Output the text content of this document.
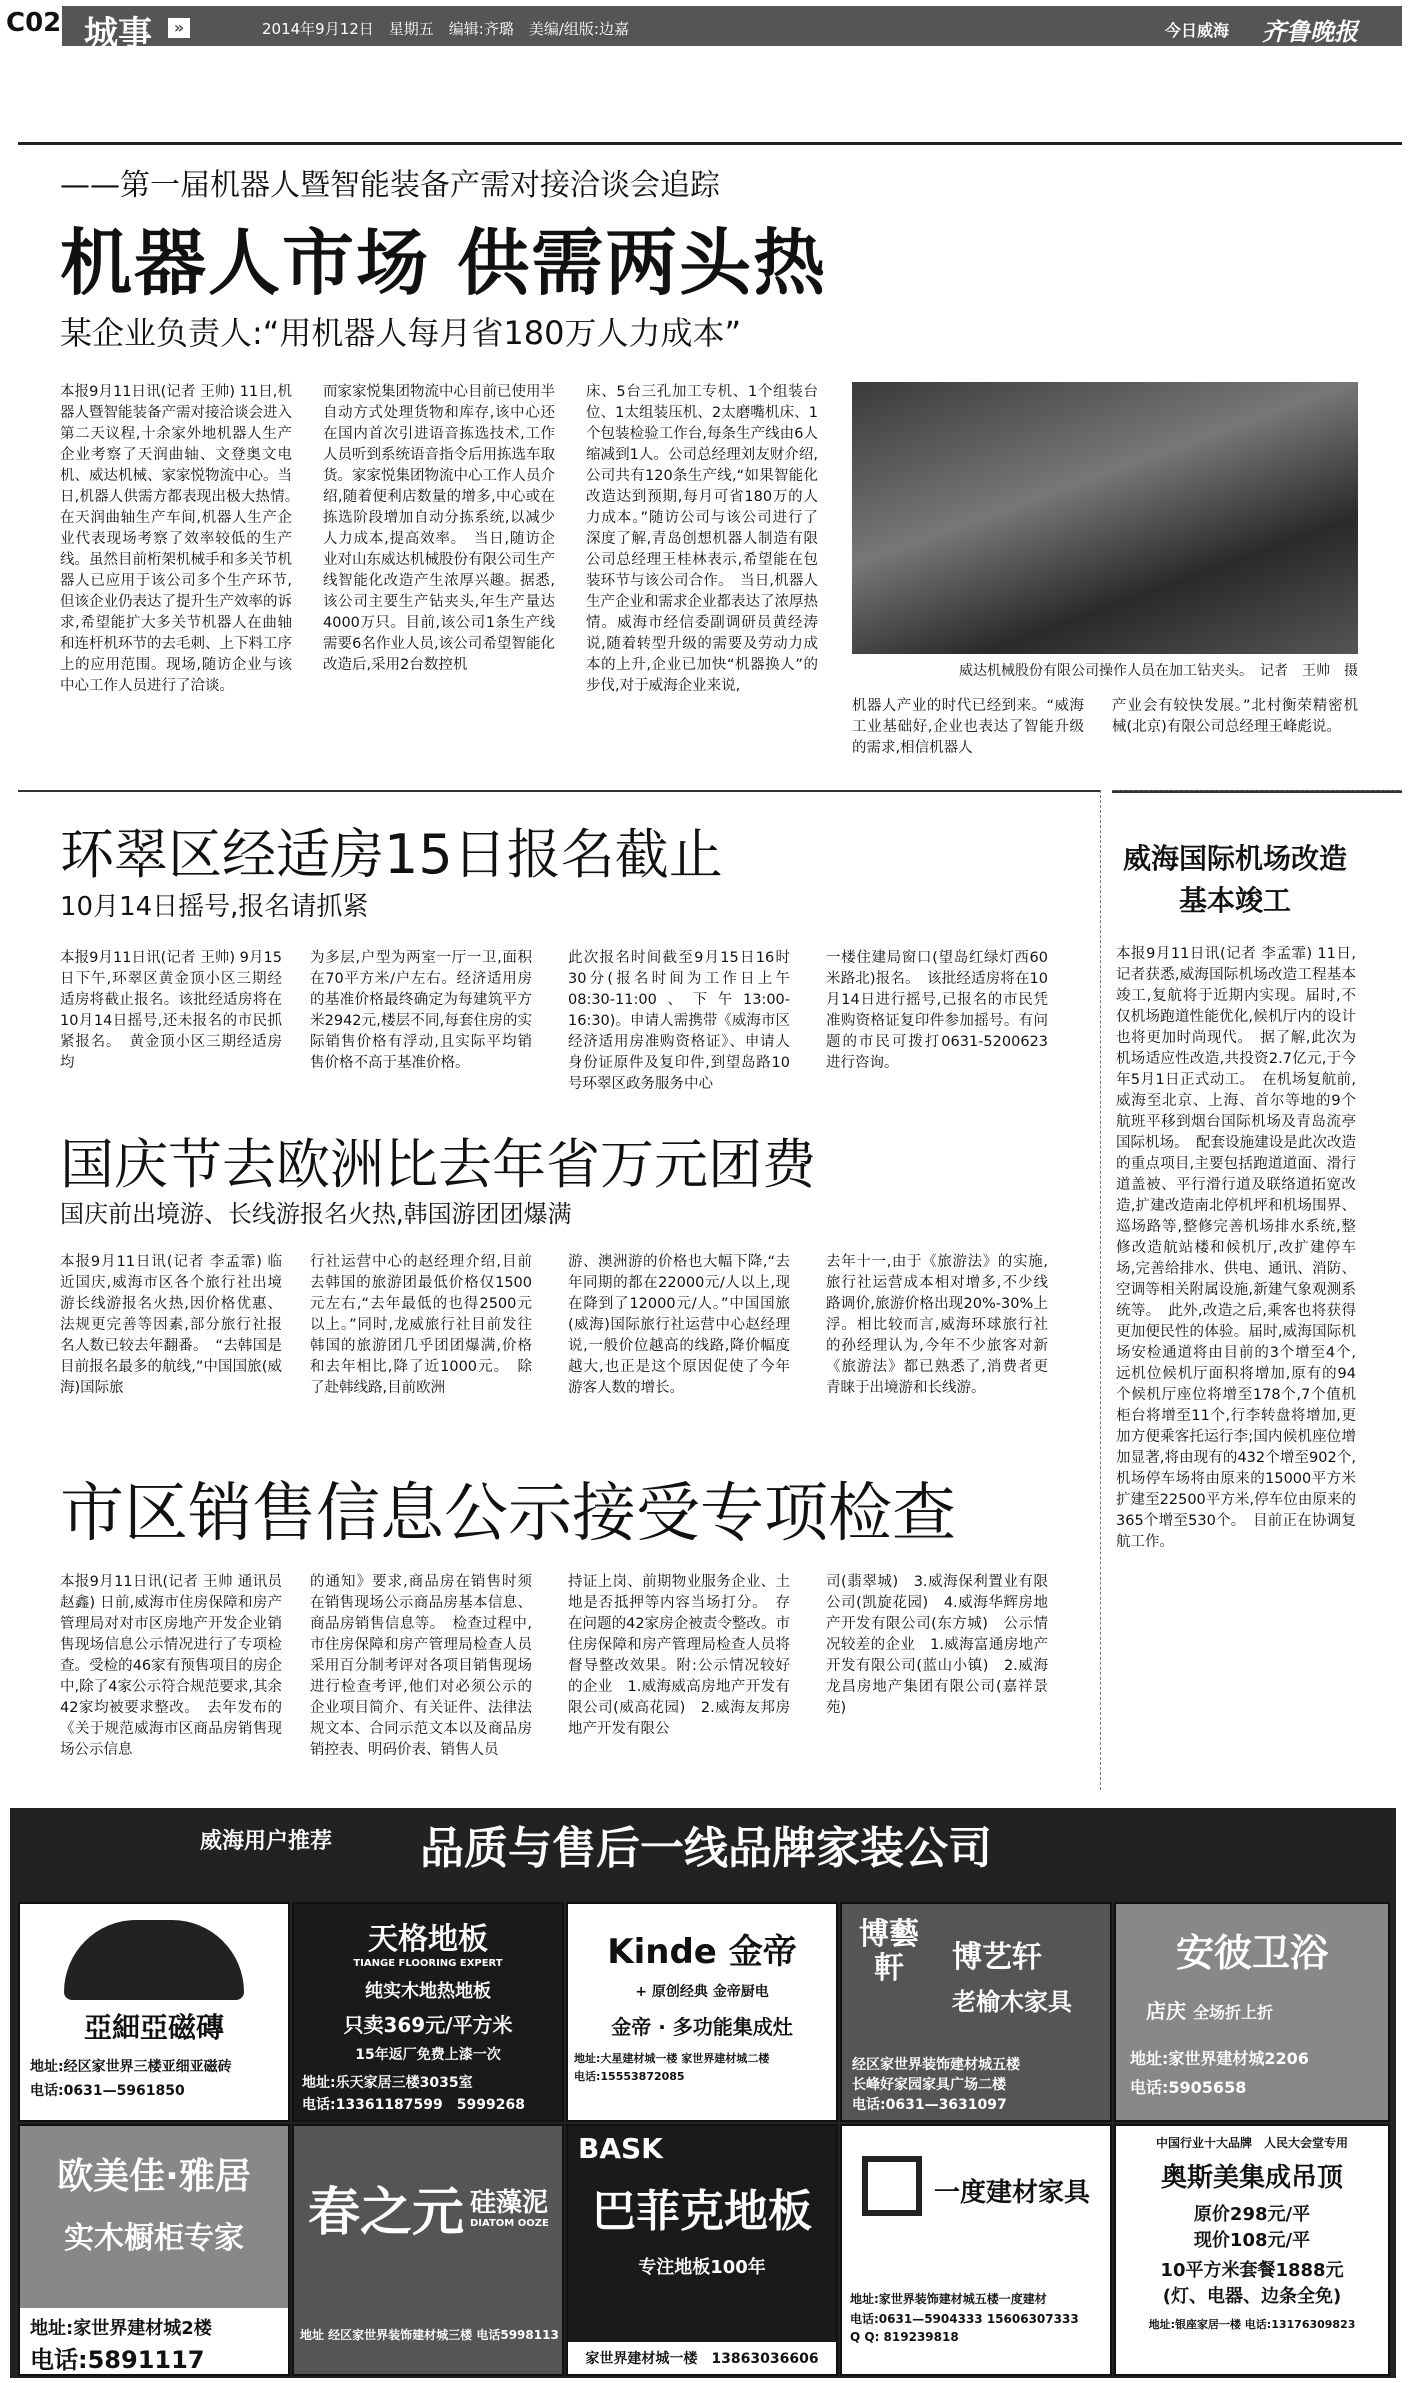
C02 城事	»	2014年9月12日　星期五　编辑:齐璐　美编/组版:边嘉	今日威海 齐鲁晚报
——第一届机器人暨智能装备产需对接洽谈会追踪
机器人市场 供需两头热
某企业负责人:“用机器人每月省180万人力成本”
本报9月11日讯(记者 王帅) 11日,机器人暨智能装备产需对接洽谈会进入第二天议程,十余家外地机器人生产企业考察了天润曲轴、文登奥文电机、威达机械、家家悦物流中心。当日,机器人供需方都表现出极大热情。　在天润曲轴生产车间,机器人生产企业代表现场考察了效率较低的生产线。虽然目前桁架机械手和多关节机器人已应用于该公司多个生产环节,但该企业仍表达了提升生产效率的诉求,希望能扩大多关节机器人在曲轴和连杆机环节的去毛刺、上下料工序上的应用范围。现场,随访企业与该中心工作人员进行了洽谈。
而家家悦集团物流中心目前已使用半自动方式处理货物和库存,该中心还在国内首次引进语音拣选技术,工作人员听到系统语音指令后用拣选车取货。家家悦集团物流中心工作人员介绍,随着便利店数量的增多,中心或在拣选阶段增加自动分拣系统,以减少人力成本,提高效率。　当日,随访企业对山东威达机械股份有限公司生产线智能化改造产生浓厚兴趣。据悉,该公司主要生产钻夹头,年生产量达4000万只。目前,该公司1条生产线需要6名作业人员,该公司希望智能化改造后,采用2台数控机
床、5台三孔加工专机、1个组装台位、1太组装压机、2太磨嘴机床、1个包装检验工作台,每条生产线由6人缩减到1人。公司总经理刘友财介绍,公司共有120条生产线,“如果智能化改造达到预期,每月可省180万的人力成本。”随访公司与该公司进行了深度了解,青岛创想机器人制造有限公司总经理王桂林表示,希望能在包装环节与该公司合作。　当日,机器人生产企业和需求企业都表达了浓厚热情。威海市经信委副调研员黄经涛说,随着转型升级的需要及劳动力成本的上升,企业已加快“机器换人”的步伐,对于威海企业来说,
威达机械股份有限公司操作人员在加工钻夹头。　记者　王帅　摄
机器人产业的时代已经到来。“威海工业基础好,企业也表达了智能升级的需求,相信机器人
产业会有较快发展。”北村衡荣精密机械(北京)有限公司总经理王峰彪说。
环翠区经适房15日报名截止
10月14日摇号,报名请抓紧
本报9月11日讯(记者 王帅) 9月15日下午,环翠区黄金顶小区三期经适房将截止报名。该批经适房将在10月14日摇号,还未报名的市民抓紧报名。　黄金顶小区三期经适房均
为多层,户型为两室一厅一卫,面积在70平方米/户左右。经济适用房的基准价格最终确定为每建筑平方米2942元,楼层不同,每套住房的实际销售价格有浮动,且实际平均销售价格不高于基准价格。
此次报名时间截至9月15日16时30分(报名时间为工作日上午08:30-11:00、下午13:00-16:30)。申请人需携带《威海市区经济适用房准购资格证》、申请人身份证原件及复印件,到望岛路10号环翠区政务服务中心
一楼住建局窗口(望岛红绿灯西60米路北)报名。　该批经适房将在10月14日进行摇号,已报名的市民凭准购资格证复印件参加摇号。有问题的市民可拨打0631-5200623进行咨询。
国庆节去欧洲比去年省万元团费
国庆前出境游、长线游报名火热,韩国游团团爆满
本报9月11日讯(记者 李孟霏) 临近国庆,威海市区各个旅行社出境游长线游报名火热,因价格优惠、法规更完善等因素,部分旅行社报名人数已较去年翻番。　“去韩国是目前报名最多的航线,”中国国旅(威海)国际旅
行社运营中心的赵经理介绍,目前去韩国的旅游团最低价格仅1500元左右,“去年最低的也得2500元以上。”同时,龙威旅行社目前发往韩国的旅游团几乎团团爆满,价格和去年相比,降了近1000元。　除了赴韩线路,目前欧洲
游、澳洲游的价格也大幅下降,“去年同期的都在22000元/人以上,现在降到了12000元/人。”中国国旅(威海)国际旅行社运营中心赵经理说,一般价位越高的线路,降价幅度越大,也正是这个原因促使了今年游客人数的增长。
去年十一,由于《旅游法》的实施,旅行社运营成本相对增多,不少线路调价,旅游价格出现20%-30%上浮。相比较而言,威海环球旅行社的孙经理认为,今年不少旅客对新《旅游法》都已熟悉了,消费者更青睐于出境游和长线游。
市区销售信息公示接受专项检查
本报9月11日讯(记者 王帅 通讯员 赵鑫) 日前,威海市住房保障和房产管理局对对市区房地产开发企业销售现场信息公示情况进行了专项检查。受检的46家有预售项目的房企中,除了4家公示符合规范要求,其余42家均被要求整改。　去年发布的《关于规范威海市区商品房销售现场公示信息
的通知》要求,商品房在销售时须在销售现场公示商品房基本信息、商品房销售信息等。　检查过程中,市住房保障和房产管理局检查人员采用百分制考评对各项目销售现场进行检查考评,他们对必须公示的企业项目简介、有关证件、法律法规文本、合同示范文本以及商品房销控表、明码价表、销售人员
持证上岗、前期物业服务企业、土地是否抵押等内容当场打分。　存在问题的42家房企被责令整改。市住房保障和房产管理局检查人员将督导整改效果。附:公示情况较好的企业　1.威海威高房地产开发有限公司(威高花园)　2.威海友邦房地产开发有限公
司(翡翠城)　3.威海保利置业有限公司(凯旋花园)　4.威海华辉房地产开发有限公司(东方城)　公示情况较差的企业　1.威海富通房地产开发有限公司(蓝山小镇)　2.威海龙昌房地产集团有限公司(嘉祥景苑)
威海国际机场改造基本竣工
本报9月11日讯(记者 李孟霏) 11日,记者获悉,威海国际机场改造工程基本竣工,复航将于近期内实现。届时,不仅机场跑道性能优化,候机厅内的设计也将更加时尚现代。　据了解,此次为机场适应性改造,共投资2.7亿元,于今年5月1日正式动工。　在机场复航前,威海至北京、上海、首尔等地的9个航班平移到烟台国际机场及青岛流亭国际机场。　配套设施建设是此次改造的重点项目,主要包括跑道道面、滑行道盖被、平行滑行道及联络道拓宽改造,扩建改造南北停机坪和机场围界、巡场路等,整修完善机场排水系统,整修改造航站楼和候机厅,改扩建停车场,完善给排水、供电、通讯、消防、空调等相关附属设施,新建气象观测系统等。　此外,改造之后,乘客也将获得更加便民性的体验。届时,威海国际机场安检通道将由目前的3个增至4个,远机位候机厅面积将增加,原有的94个候机厅座位将增至178个,7个值机柜台将增至11个,行李转盘将增加,更加方便乘客托运行李;国内候机座位增加显著,将由现有的432个增至902个,机场停车场将由原来的15000平方米扩建至22500平方米,停车位由原来的365个增至530个。　目前正在协调复航工作。
威海用户推荐 品质与售后一线品牌家装公司
亞細亞磁磚
地址:经区家世界三楼亚细亚磁砖
电话:0631—5961850
天格地板
TIANGE FLOORING EXPERT
纯实木地热地板
只卖369元/平方米
15年返厂免费上漆一次
地址:乐天家居三楼3035室
电话:13361187599　5999268
Kinde 金帝
+ 原创经典 金帝厨电
金帝 · 多功能集成灶
地址:大星建材城一楼 家世界建材城二楼
电话:15553872085
博藝軒	博艺轩
老榆木家具
经区家世界装饰建材城五楼
长峰好家园家具广场二楼
电话:0631—3631097
安彼卫浴
店庆 全场折上折
地址:家世界建材城2206
电话:5905658
欧美佳·雅居
实木橱柜专家
地址:家世界建材城2楼
电话:5891117
春之元 硅藻泥
DIATOM OOZE
地址 经区家世界装饰建材城三楼 电话5998113
BASK
巴菲克地板
专注地板100年
家世界建材城一楼　13863036606
一度建材家具
地址:家世界装饰建材城五楼一度建材
电话:0631—5904333 15606307333
Q Q: 819239818
中国行业十大品牌　人民大会堂专用
奥斯美集成吊顶
原价298元/平
现价108元/平
10平方米套餐1888元
(灯、电器、边条全免)
地址:银座家居一楼 电话:13176309823
